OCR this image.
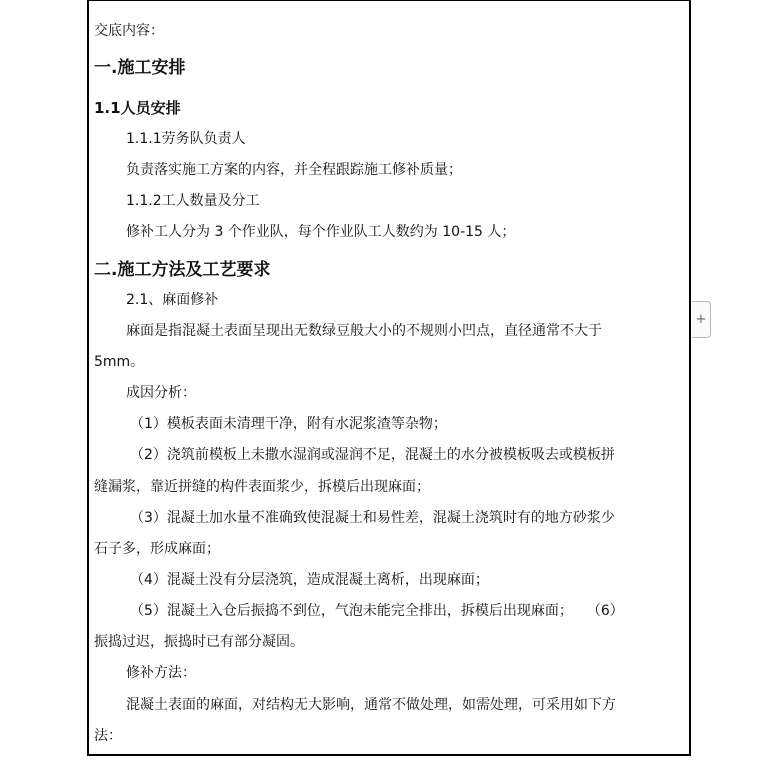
交底内容：
一.施工安排
1.1人员安排
1.1.1劳务队负责人
负责落实施工方案的内容，并全程跟踪施工修补质量；
1.1.2工人数量及分工
修补工人分为 3 个作业队，每个作业队工人数约为 10-15 人；
二.施工方法及工艺要求
2.1、麻面修补
麻面是指混凝土表面呈现出无数绿豆般大小的不规则小凹点，直径通常不大于
5mm。
成因分析：
（1）模板表面未清理干净，附有水泥浆渣等杂物；
（2）浇筑前模板上未撒水湿润或湿润不足，混凝土的水分被模板吸去或模板拼
缝漏浆，靠近拼缝的构件表面浆少，拆模后出现麻面；
（3）混凝土加水量不准确致使混凝土和易性差，混凝土浇筑时有的地方砂浆少
石子多，形成麻面；
（4）混凝土没有分层浇筑，造成混凝土离析，出现麻面；
（5）混凝土入仓后振捣不到位，气泡未能完全排出，拆模后出现麻面；　　（6）
振捣过迟，振捣时已有部分凝固。
修补方法：
混凝土表面的麻面，对结构无大影响，通常不做处理，如需处理，可采用如下方
法：
+
